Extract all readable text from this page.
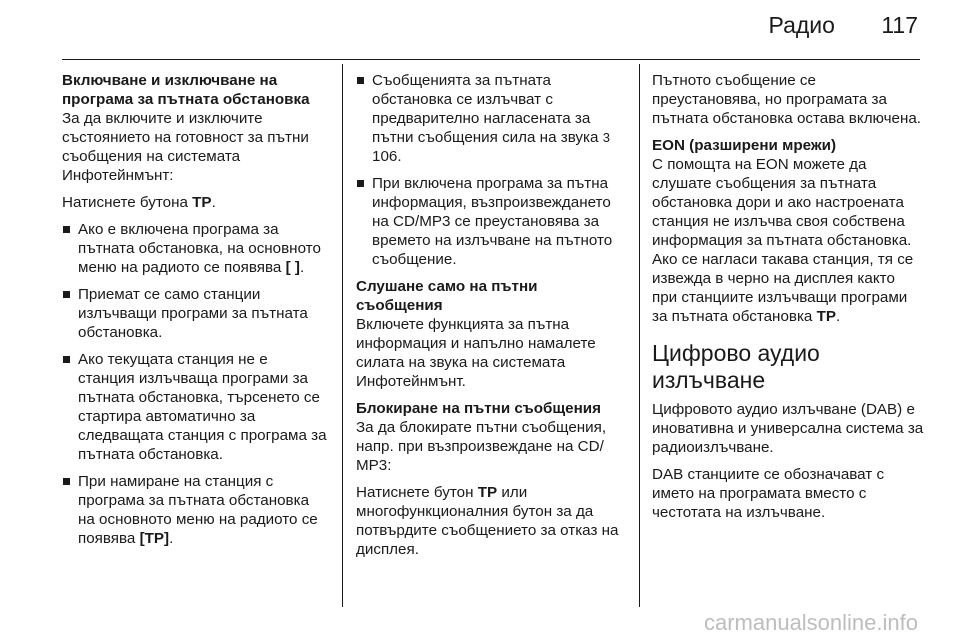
Радио 117

Включване и изключване на програма за пътната обстановка

За да включите и изключите състоянието на готовност за пътни съобщения на системата Инфотейнмънт:

Натиснете бутона TP.

Ако е включена програма за пътната обстановка, на основното меню на радиото се появява [ ].
Приемат се само станции излъчващи програми за пътната обстановка.
Ако текущата станция не е станция излъчваща програми за пътната обстановка, търсенето се стартира автоматично за следващата станция с програма за пътната обстановка.
При намиране на станция с програма за пътната обстановка на основното меню на радиото се появява [TP].
Съобщенията за пътната обстановка се излъчват с предварително нагласената за пътни съобщения сила на звука 3 106.
При включена програма за пътна информация, възпроизвеждането на CD/MP3 се преустановява за времето на излъчване на пътното съобщение.

Слушане само на пътни съобщения

Включете функцията за пътна информация и напълно намалете силата на звука на системата Инфотейнмънт.

Блокиране на пътни съобщения

За да блокирате пътни съобщения, напр. при възпроизвеждане на CD/ MP3:

Натиснете бутон TP или многофункционалния бутон за да потвърдите съобщението за отказ на дисплея.

Пътното съобщение се преустановява, но програмата за пътната обстановка остава включена.

EON (разширени мрежи)

С помощта на EON можете да слушате съобщения за пътната обстановка дори и ако настроената станция не излъчва своя собствена информация за пътната обстановка. Ако се нагласи такава станция, тя се извежда в черно на дисплея както при станциите излъчващи програми за пътната обстановка TP.

Цифрово аудио излъчване

Цифровото аудио излъчване (DAB) е иновативна и универсална система за радиоизлъчване.

DAB станциите се обозначават с името на програмата вместо с честотата на излъчване.

carmanualsonline.info
